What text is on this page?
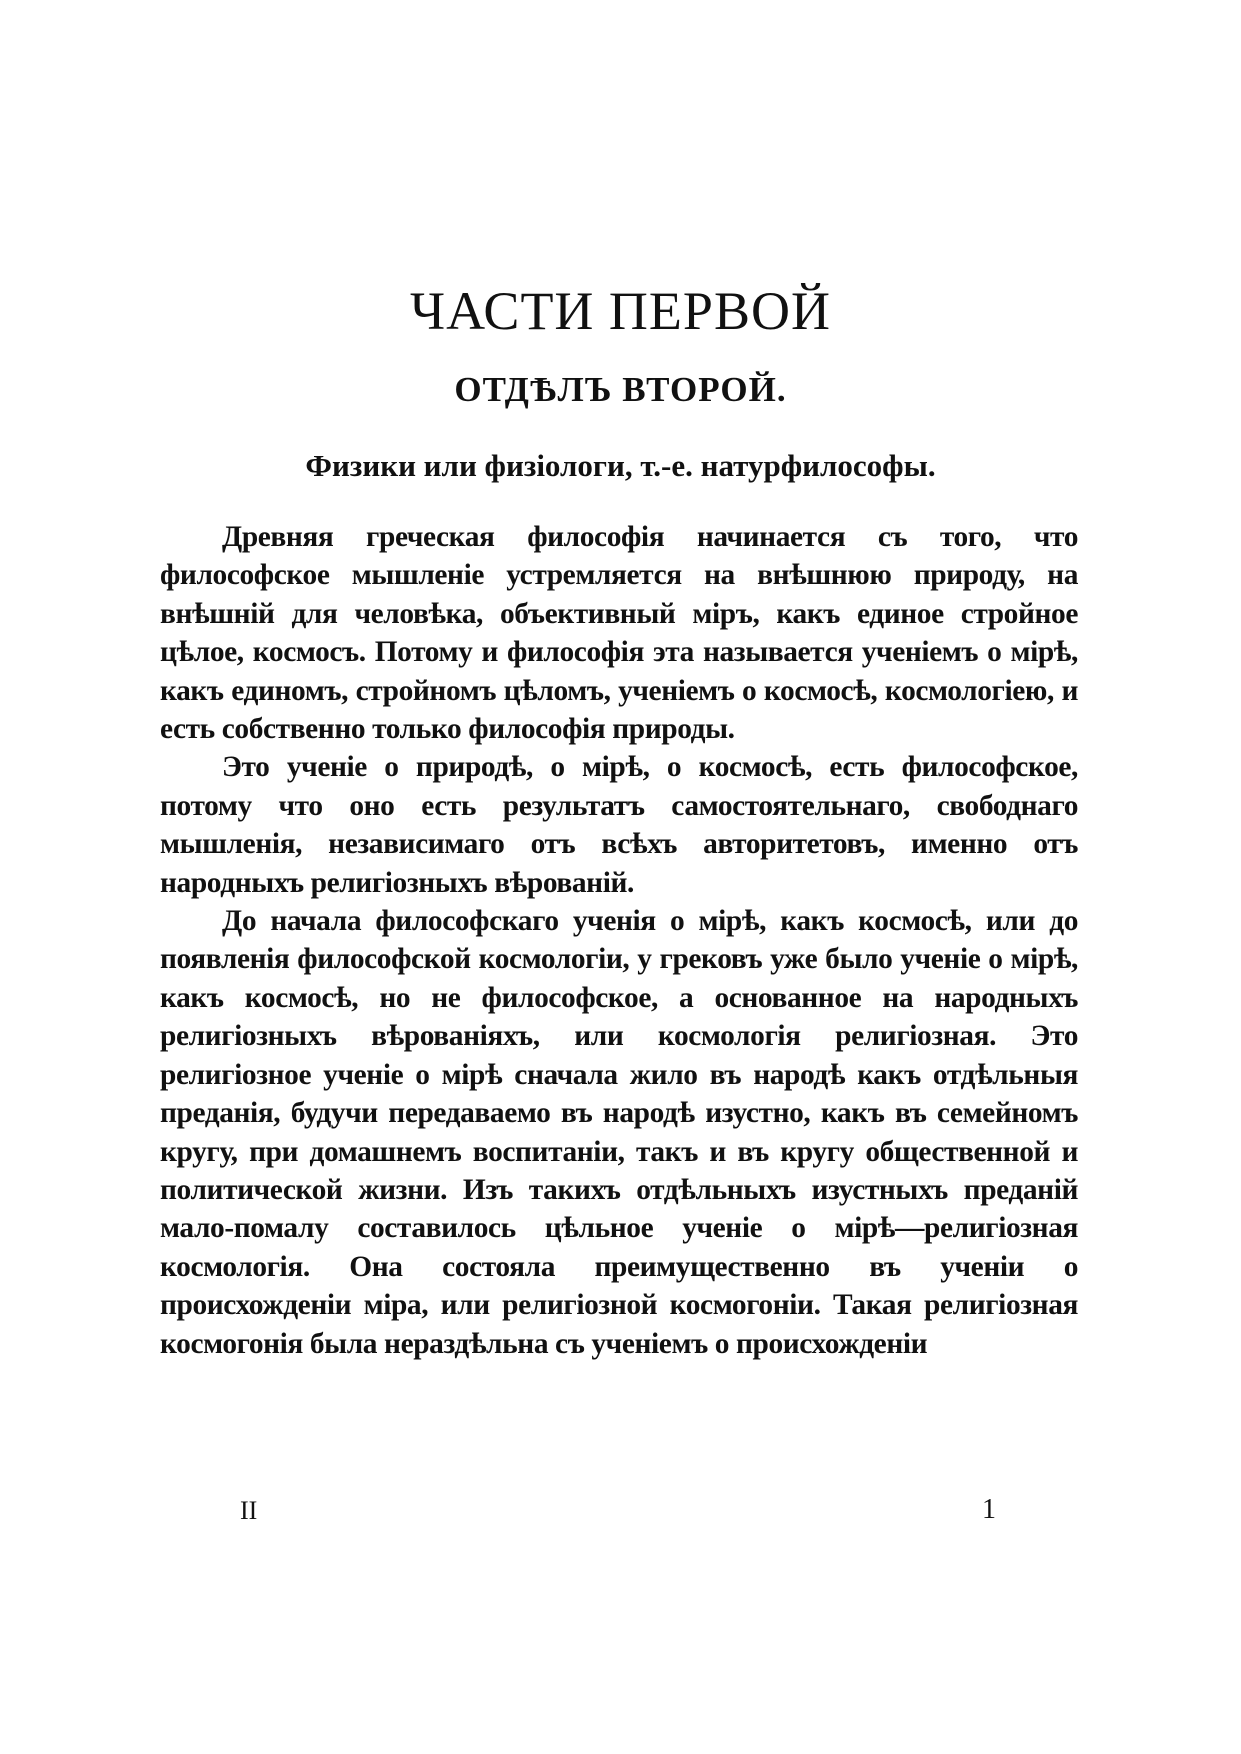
ЧАСТИ ПЕРВОЙ
ОТДѢЛЪ ВТОРОЙ.
Физики или физiологи, т.-е. натурфилософы.

Древняя греческая философiя начинается съ того, что философское мышленiе устремляется на внѣшнюю природу, на внѣшнiй для человѣка, объективный мiръ, какъ единое стройное цѣлое, космосъ. Потому и философiя эта называется ученiемъ о мiрѣ, какъ единомъ, стройномъ цѣломъ, ученiемъ о космосѣ, космологiею, и есть собственно только философiя природы.

Это ученiе о природѣ, о мiрѣ, о космосѣ, есть философское, потому что оно есть результатъ самостоятельнаго, свободнаго мышленiя, независимаго отъ всѣхъ авторитетовъ, именно отъ народныхъ религiозныхъ вѣрованiй.

До начала философскаго ученiя о мiрѣ, какъ космосѣ, или до появленiя философской космологiи, у грековъ уже было ученiе о мiрѣ, какъ космосѣ, но не философское, а основанное на народныхъ религiозныхъ вѣрованiяхъ, или космологiя религiозная. Это религiозное ученiе о мiрѣ сначала жило въ народѣ какъ отдѣльныя преданiя, будучи передаваемо въ народѣ изустно, какъ въ семейномъ кругу, при домашнемъ воспитанiи, такъ и въ кругу общественной и политической жизни. Изъ такихъ отдѣльныхъ изустныхъ преданiй мало-помалу составилось цѣльное ученiе о мiрѣ—религiозная космологiя. Она состояла преимущественно въ ученiи о происхожденiи мiра, или религiозной космогонiи. Такая религiозная космогонiя была нераздѣльна съ ученiемъ о происхожденiи

II	1
